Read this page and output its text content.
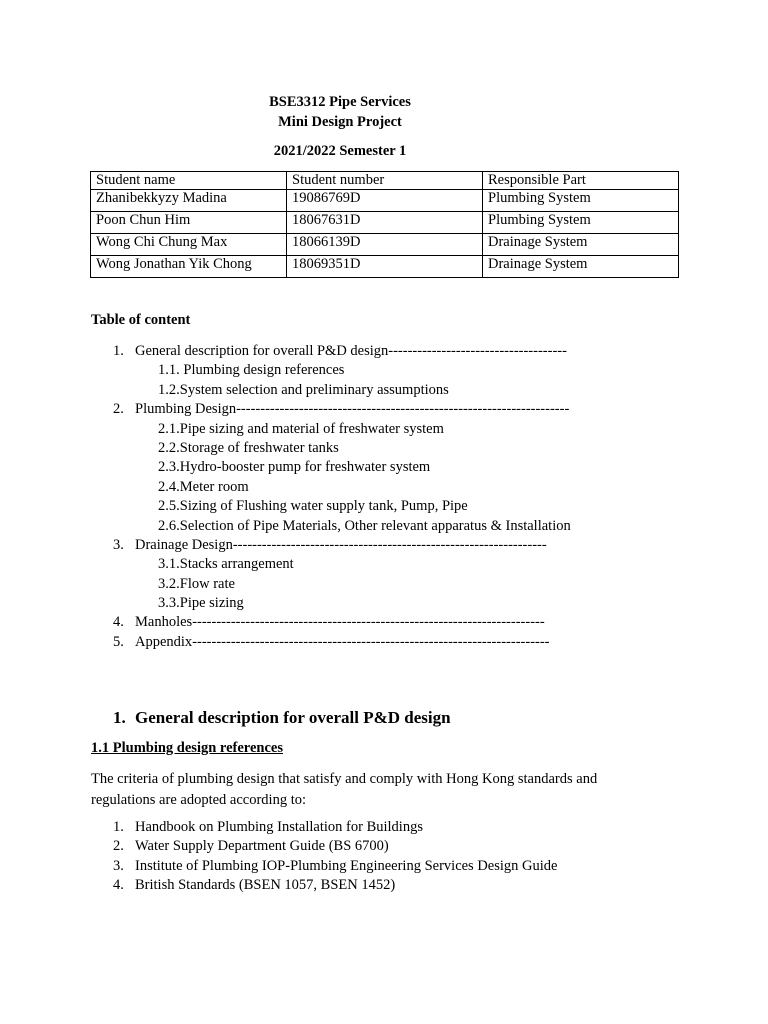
BSE3312 Pipe Services
Mini Design Project
2021/2022 Semester 1
Student name	Student number	Responsible Part
Zhanibekkyzy Madina	19086769D	Plumbing System
Poon Chun Him	18067631D	Plumbing System
Wong Chi Chung Max	18066139D	Drainage System
Wong Jonathan Yik Chong	18069351D	Drainage System
Table of content
1. General description for overall P&D design-------------------------------------
1.1. Plumbing design references
1.2.System selection and preliminary assumptions
2. Plumbing Design---------------------------------------------------------------------
2.1.Pipe sizing and material of freshwater system
2.2.Storage of freshwater tanks
2.3.Hydro-booster pump for freshwater system
2.4.Meter room
2.5.Sizing of Flushing water supply tank, Pump, Pipe
2.6.Selection of Pipe Materials, Other relevant apparatus & Installation
3. Drainage Design-----------------------------------------------------------------
3.1.Stacks arrangement
3.2.Flow rate
3.3.Pipe sizing
4. Manholes-------------------------------------------------------------------------
5. Appendix--------------------------------------------------------------------------
1. General description for overall P&D design
1.1 Plumbing design references
The criteria of plumbing design that satisfy and comply with Hong Kong standards and regulations are adopted according to:
1. Handbook on Plumbing Installation for Buildings
2. Water Supply Department Guide (BS 6700)
3. Institute of Plumbing IOP-Plumbing Engineering Services Design Guide
4. British Standards (BSEN 1057, BSEN 1452)
